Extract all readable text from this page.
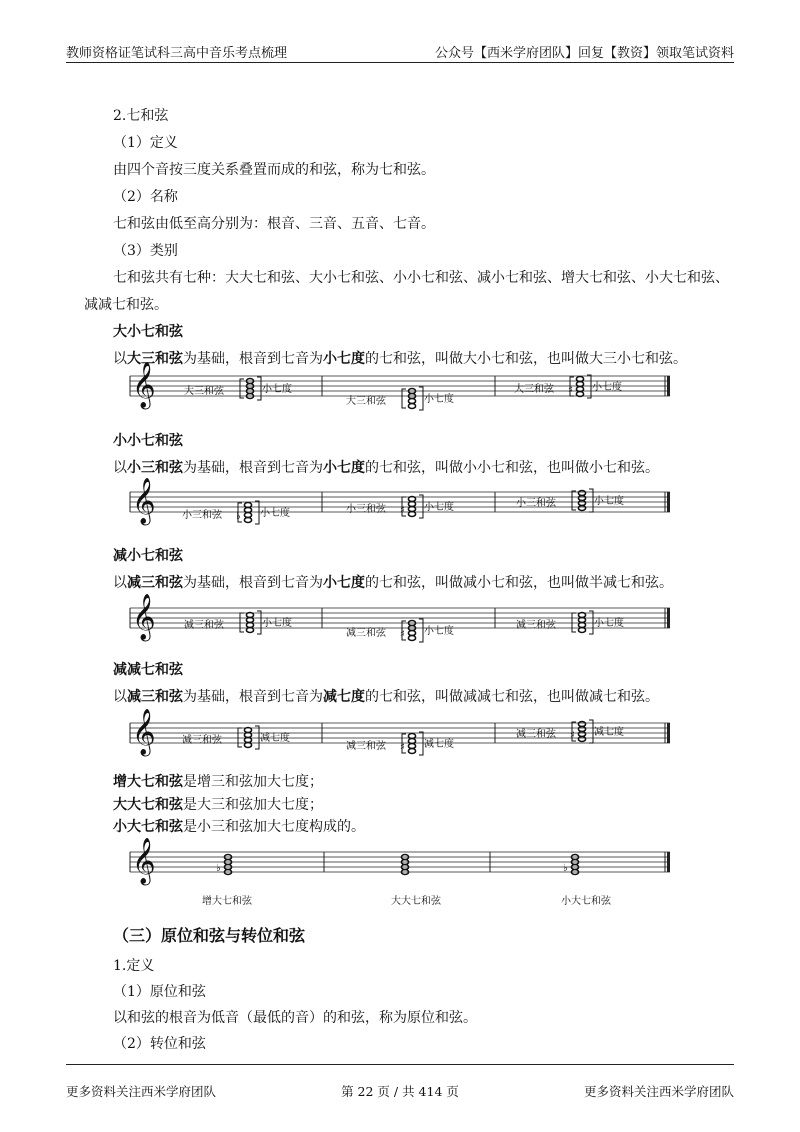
教师资格证笔试科三高中音乐考点梳理	公众号【西米学府团队】回复【教资】领取笔试资料
2.七和弦
（1）定义
由四个音按三度关系叠置而成的和弦，称为七和弦。
（2）名称
七和弦由低至高分别为：根音、三音、五音、七音。
（3）类别
七和弦共有七种：大大七和弦、大小七和弦、小小七和弦、减小七和弦、增大七和弦、小大七和弦、
减减七和弦。
大小七和弦
以大三和弦为基础，根音到七音为小七度的七和弦，叫做大小七和弦，也叫做大三小七和弦。
𝄞	大三和弦	小七度
大三和弦	小七度
大三和弦 ♯ 小七度
小小七和弦
以小三和弦为基础，根音到七音为小七度的七和弦，叫做小小七和弦，也叫做小七和弦。
𝄞	小三和弦 ♭ 小七度	小三和弦 ♯ 小七度	小三和弦	小七度
减小七和弦
以减三和弦为基础，根音到七音为小七度的七和弦，叫做减小七和弦，也叫做半减七和弦。
𝄞	减三和弦	小七度
减三和弦 ♯ 小七度
减三和弦	小七度
减减七和弦
以减三和弦为基础，根音到七音为减七度的七和弦，叫做减减七和弦，也叫做减七和弦。
𝄞	减三和弦	减七度
减三和弦 ♯ 减七度
减三和弦 ♯ 减七度
增大七和弦是增三和弦加大七度；
大大七和弦是大三和弦加大七度；
小大七和弦是小三和弦加大七度构成的。
𝄞	♭
增大七和弦	大大七和弦
♭
小大七和弦
（三）原位和弦与转位和弦
1.定义
（1）原位和弦
以和弦的根音为低音（最低的音）的和弦，称为原位和弦。
（2）转位和弦
更多资料关注西米学府团队	第 22 页 / 共 414 页	更多资料关注西米学府团队
